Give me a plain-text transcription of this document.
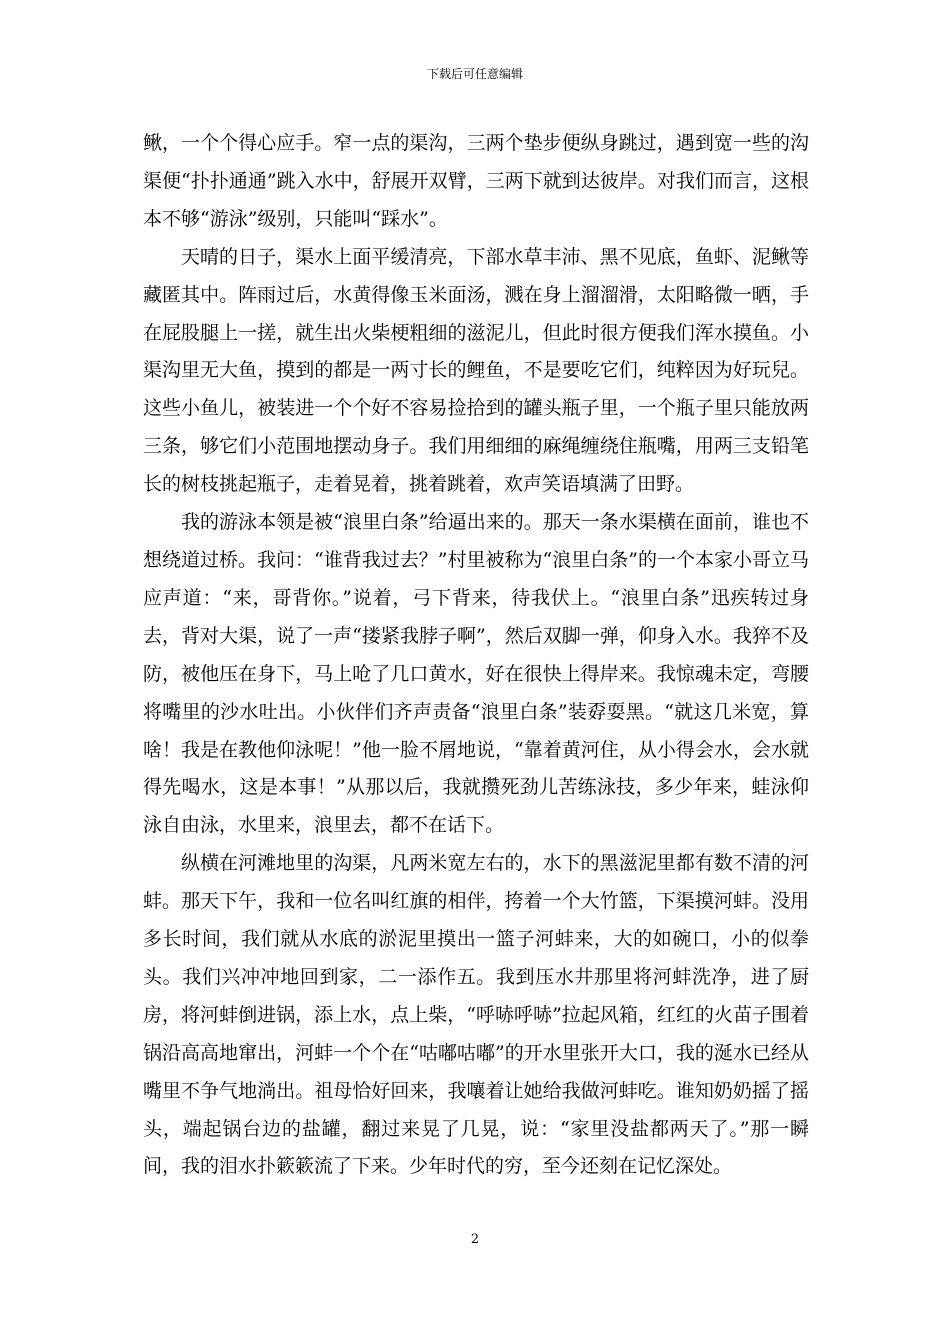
下载后可任意编辑

鳅，一个个得心应手。窄一点的渠沟，三两个垫步便纵身跳过，遇到宽一些的沟渠便“扑扑通通”跳入水中，舒展开双臂，三两下就到达彼岸。对我们而言，这根本不够“游泳”级别，只能叫“踩水”。

天晴的日子，渠水上面平缓清亮，下部水草丰沛、黑不见底，鱼虾、泥鳅等藏匿其中。阵雨过后，水黄得像玉米面汤，溅在身上溜溜滑，太阳略微一晒，手在屁股腿上一搓，就生出火柴梗粗细的滋泥儿，但此时很方便我们浑水摸鱼。小渠沟里无大鱼，摸到的都是一两寸长的鲤鱼，不是要吃它们，纯粹因为好玩兒。这些小鱼儿，被装进一个个好不容易捡拾到的罐头瓶子里，一个瓶子里只能放两三条，够它们小范围地摆动身子。我们用细细的麻绳缠绕住瓶嘴，用两三支铅笔长的树枝挑起瓶子，走着晃着，挑着跳着，欢声笑语填满了田野。

我的游泳本领是被“浪里白条”给逼出来的。那天一条水渠横在面前，谁也不想绕道过桥。我问：“谁背我过去？”村里被称为“浪里白条”的一个本家小哥立马应声道：“来，哥背你。”说着，弓下背来，待我伏上。“浪里白条”迅疾转过身去，背对大渠，说了一声“搂紧我脖子啊”，然后双脚一弹，仰身入水。我猝不及防，被他压在身下，马上呛了几口黄水，好在很快上得岸来。我惊魂未定，弯腰将嘴里的沙水吐出。小伙伴们齐声责备“浪里白条”装孬耍黑。“就这几米宽，算啥！我是在教他仰泳呢！”他一脸不屑地说，“靠着黄河住，从小得会水，会水就得先喝水，这是本事！”从那以后，我就攒死劲儿苦练泳技，多少年来，蛙泳仰泳自由泳，水里来，浪里去，都不在话下。

纵横在河滩地里的沟渠，凡两米宽左右的，水下的黑滋泥里都有数不清的河蚌。那天下午，我和一位名叫红旗的相伴，挎着一个大竹篮，下渠摸河蚌。没用多长时间，我们就从水底的淤泥里摸出一篮子河蚌来，大的如碗口，小的似拳头。我们兴冲冲地回到家，二一添作五。我到压水井那里将河蚌洗净，进了厨房，将河蚌倒进锅，添上水，点上柴，“呼哧呼哧”拉起风箱，红红的火苗子围着锅沿高高地窜出，河蚌一个个在“咕嘟咕嘟”的开水里张开大口，我的涎水已经从嘴里不争气地淌出。祖母恰好回来，我嚷着让她给我做河蚌吃。谁知奶奶摇了摇头，端起锅台边的盐罐，翻过来晃了几晃，说：“家里没盐都两天了。”那一瞬间，我的泪水扑簌簌流了下来。少年时代的穷，至今还刻在记忆深处。

2
